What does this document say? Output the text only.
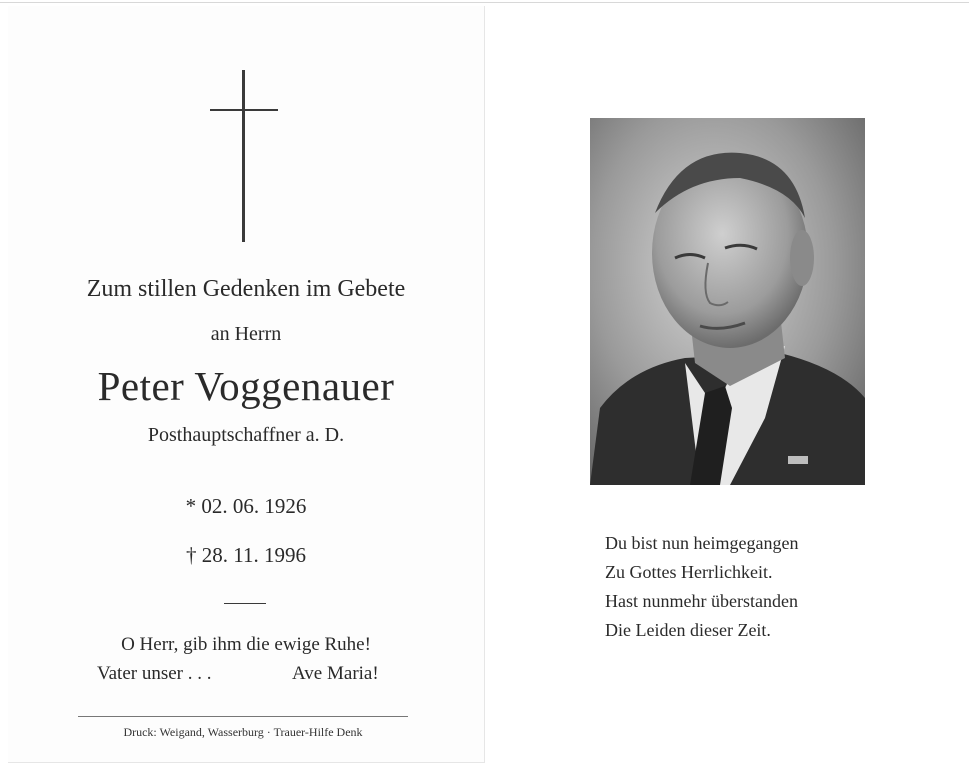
Zum stillen Gedenken im Gebete
an Herrn
Peter Voggenauer
Posthauptschaffner a. D.
* 02. 06. 1926
† 28. 11. 1996
O Herr, gib ihm die ewige Ruhe!
Vater unser . . .	Ave Maria!
Druck: Weigand, Wasserburg · Trauer-Hilfe Denk
Du bist nun heimgegangen
Zu Gottes Herrlichkeit.
Hast nunmehr überstanden
Die Leiden dieser Zeit.
